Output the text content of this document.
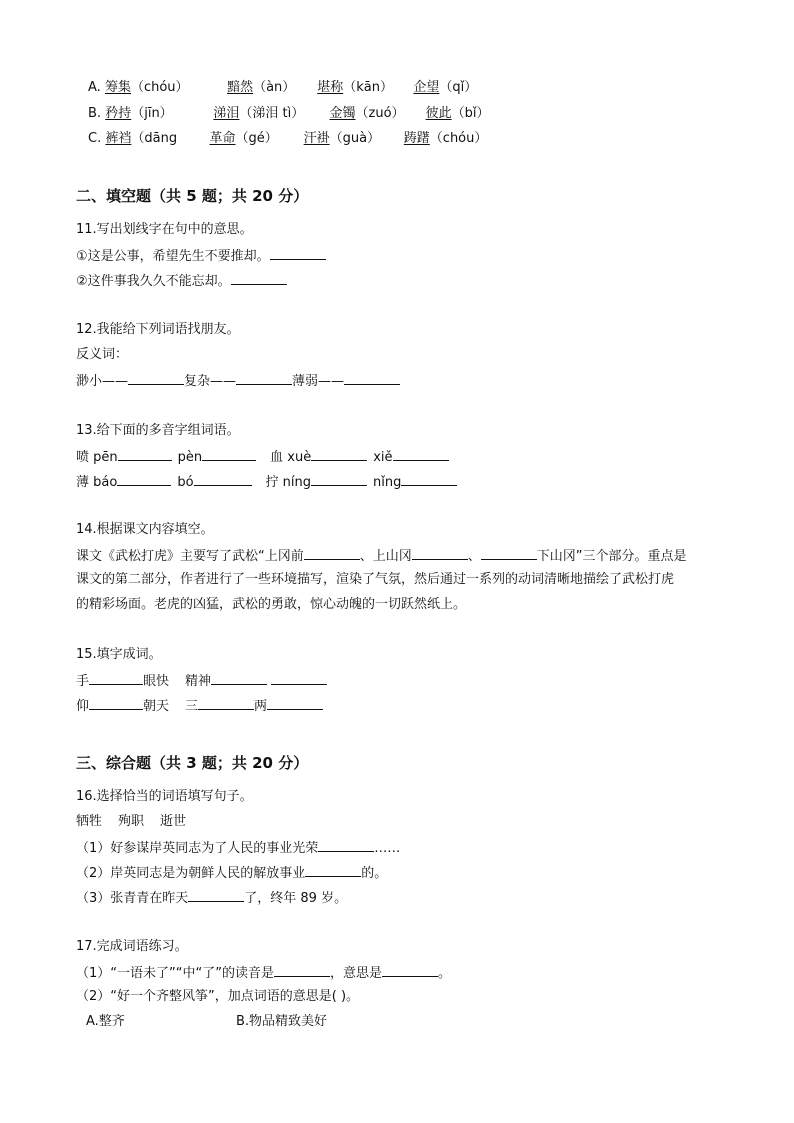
A. 筹集（chóu）	黯然（àn） 堪称（kān） 企望（qǐ）
B. 矜持（jīn）	涕泪（涕泪 tì） 金镯（zuó） 彼此（bǐ）
C. 裤裆（dāng 革命（gé） 汗褂（guà） 踌躇（chóu）
二、填空题（共 5 题；共 20 分）
11.写出划线字在句中的意思。
①这是公事，希望先生不要推却。
②这件事我久久不能忘却。
12.我能给下列词语找朋友。
反义词：
渺小——	复杂——	薄弱——
13.给下面的多音字组词语。
喷 pēn	pèn	血 xuè	xiě
薄 báo	bó	拧 níng	nǐng
14.根据课文内容填空。
课文《武松打虎》主要写了武松“上冈前	、上山冈	、	下山冈”三个部分。重点是
课文的第二部分，作者进行了一些环境描写，渲染了气氛，然后通过一系列的动词清晰地描绘了武松打虎
的精彩场面。老虎的凶猛，武松的勇敢，惊心动魄的一切跃然纸上。
15.填字成词。
手	眼快 精神
仰	朝天 三	两
三、综合题（共 3 题；共 20 分）
16.选择恰当的词语填写句子。
牺牲 殉职 逝世
（1）好参谋岸英同志为了人民的事业光荣	……
（2）岸英同志是为朝鲜人民的解放事业	的。
（3）张青青在昨天	了，终年 89 岁。
17.完成词语练习。
（1）“一语未了”“中“了”的读音是	，意思是	。
（2）“好一个齐整风筝”，加点词语的意思是( )。
A.整齐	B.物品精致美好
